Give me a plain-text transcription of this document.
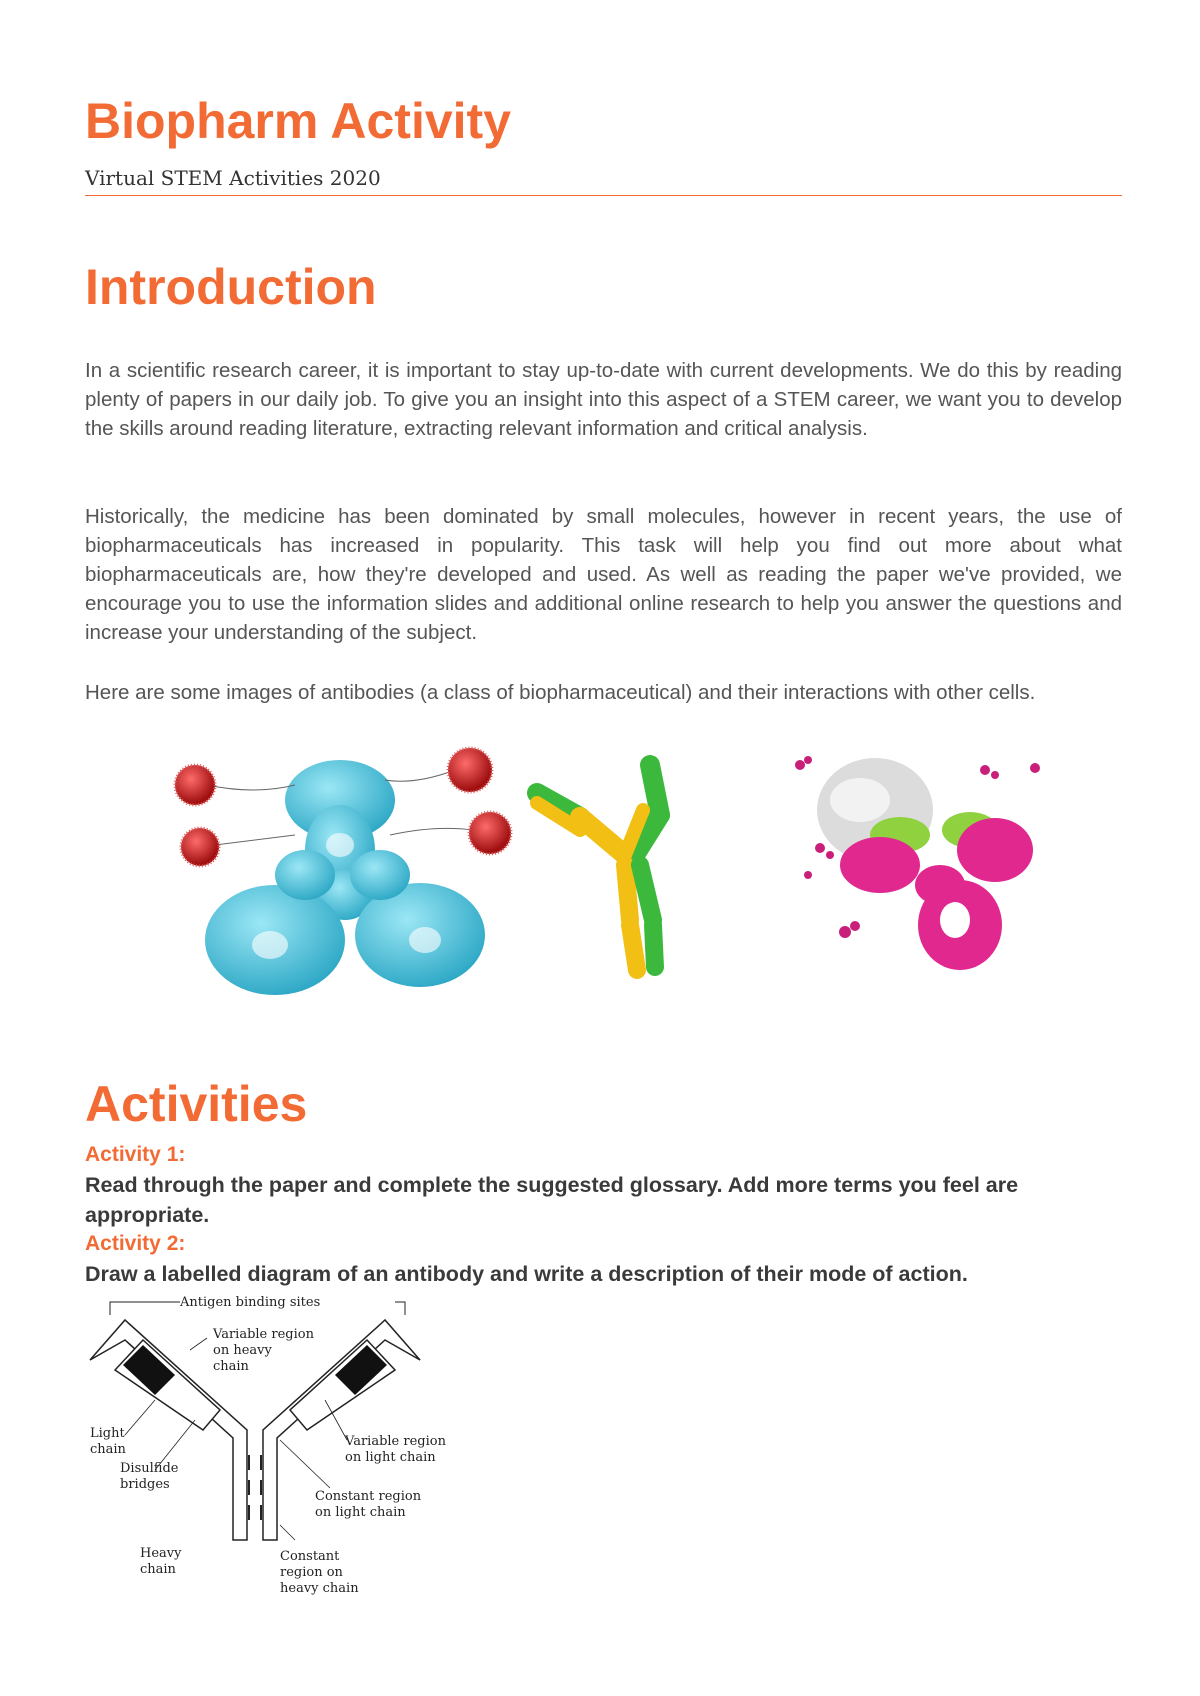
Biopharm Activity
Virtual STEM Activities 2020
Introduction

In a scientific research career, it is important to stay up-to-date with current developments. We do this by reading plenty of papers in our daily job. To give you an insight into this aspect of a STEM career, we want you to develop the skills around reading literature, extracting relevant information and critical analysis.

Historically, the medicine has been dominated by small molecules, however in recent years, the use of biopharmaceuticals has increased in popularity. This task will help you find out more about what biopharmaceuticals are, how they're developed and used. As well as reading the paper we've provided, we encourage you to use the information slides and additional online research to help you answer the questions and increase your understanding of the subject.

Here are some images of antibodies (a class of biopharmaceutical) and their interactions with other cells.

Activities
Activity 1:

Read through the paper and complete the suggested glossary. Add more terms you feel are appropriate.

Activity 2:

Draw a labelled diagram of an antibody and write a description of their mode of action.

Antigen binding sites
Variable region
on heavy
chain
Light
chain
Disulfide
bridges
Variable region
on light chain
Constant region
on light chain
Heavy
chain
Constant
region on
heavy chain
